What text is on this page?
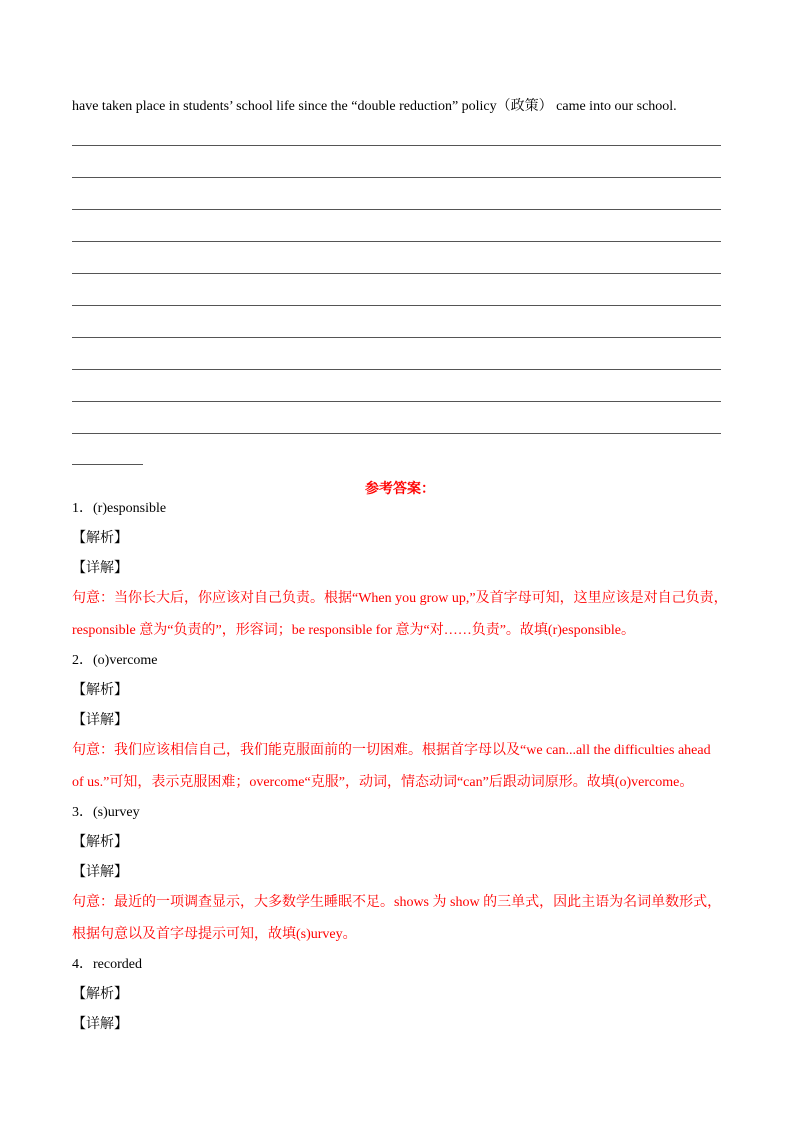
have taken place in students’ school life since the “double reduction” policy（政策） came into our school.
参考答案：
1．(r)esponsible
【解析】
【详解】
句意：当你长大后，你应该对自己负责。根据“When you grow up,”及首字母可知，这里应该是对自己负责，
responsible 意为“负责的”，形容词；be responsible for 意为“对……负责”。故填(r)esponsible。
2．(o)vercome
【解析】
【详解】
句意：我们应该相信自己，我们能克服面前的一切困难。根据首字母以及“we can...all the difficulties ahead
of us.”可知，表示克服困难；overcome“克服”，动词，情态动词“can”后跟动词原形。故填(o)vercome。
3．(s)urvey
【解析】
【详解】
句意：最近的一项调查显示，大多数学生睡眠不足。shows 为 show 的三单式，因此主语为名词单数形式，
根据句意以及首字母提示可知，故填(s)urvey。
4．recorded
【解析】
【详解】
